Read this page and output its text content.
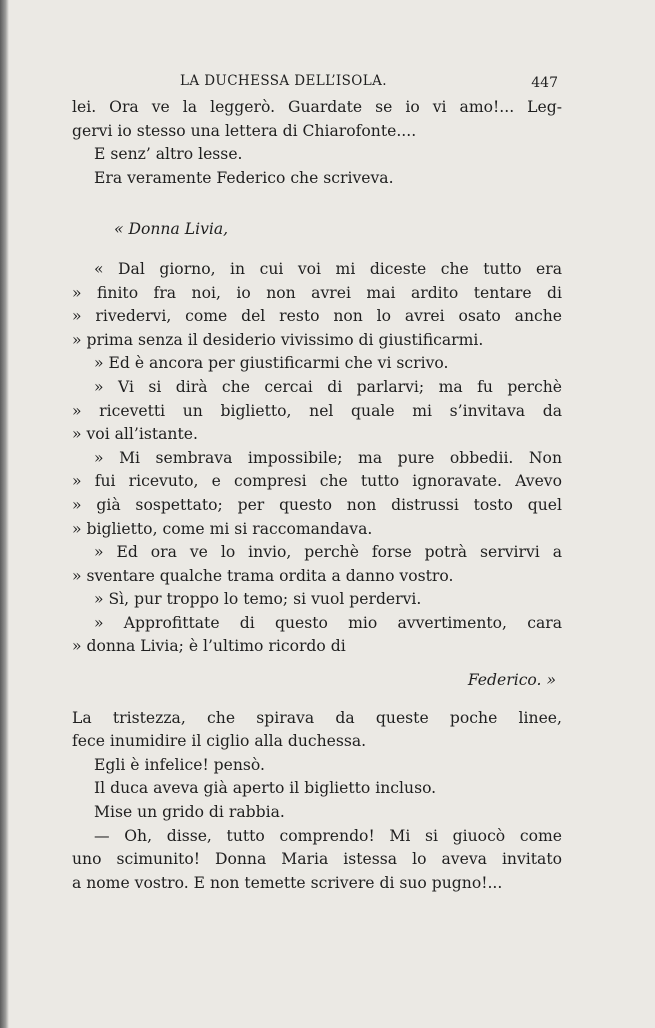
LA DUCHESSA DELL’ISOLA.	447
lei. Ora ve la leggerò. Guardate se io vi amo!... Leg-
gervi io stesso una lettera di Chiarofonte....
E senz’ altro lesse.
Era veramente Federico che scriveva.
« Donna Livia,
« Dal giorno, in cui voi mi diceste che tutto era
» finito fra noi, io non avrei mai ardito tentare di
» rivedervi, come del resto non lo avrei osato anche
» prima senza il desiderio vivissimo di giustificarmi.
» Ed è ancora per giustificarmi che vi scrivo.
» Vi si dirà che cercai di parlarvi; ma fu perchè
» ricevetti un biglietto, nel quale mi s’invitava da
» voi all’istante.
» Mi sembrava impossibile; ma pure obbedii. Non
» fui ricevuto, e compresi che tutto ignoravate. Avevo
» già sospettato; per questo non distrussi tosto quel
» biglietto, come mi si raccomandava.
» Ed ora ve lo invio, perchè forse potrà servirvi a
» sventare qualche trama ordita a danno vostro.
» Sì, pur troppo lo temo; si vuol perdervi.
» Approfittate di questo mio avvertimento, cara
» donna Livia; è l’ultimo ricordo di
Federico. »
La tristezza, che spirava da queste poche linee,
fece inumidire il ciglio alla duchessa.
Egli è infelice! pensò.
Il duca aveva già aperto il biglietto incluso.
Mise un grido di rabbia.
— Oh, disse, tutto comprendo! Mi si giuocò come
uno scimunito! Donna Maria istessa lo aveva invitato
a nome vostro. E non temette scrivere di suo pugno!...
